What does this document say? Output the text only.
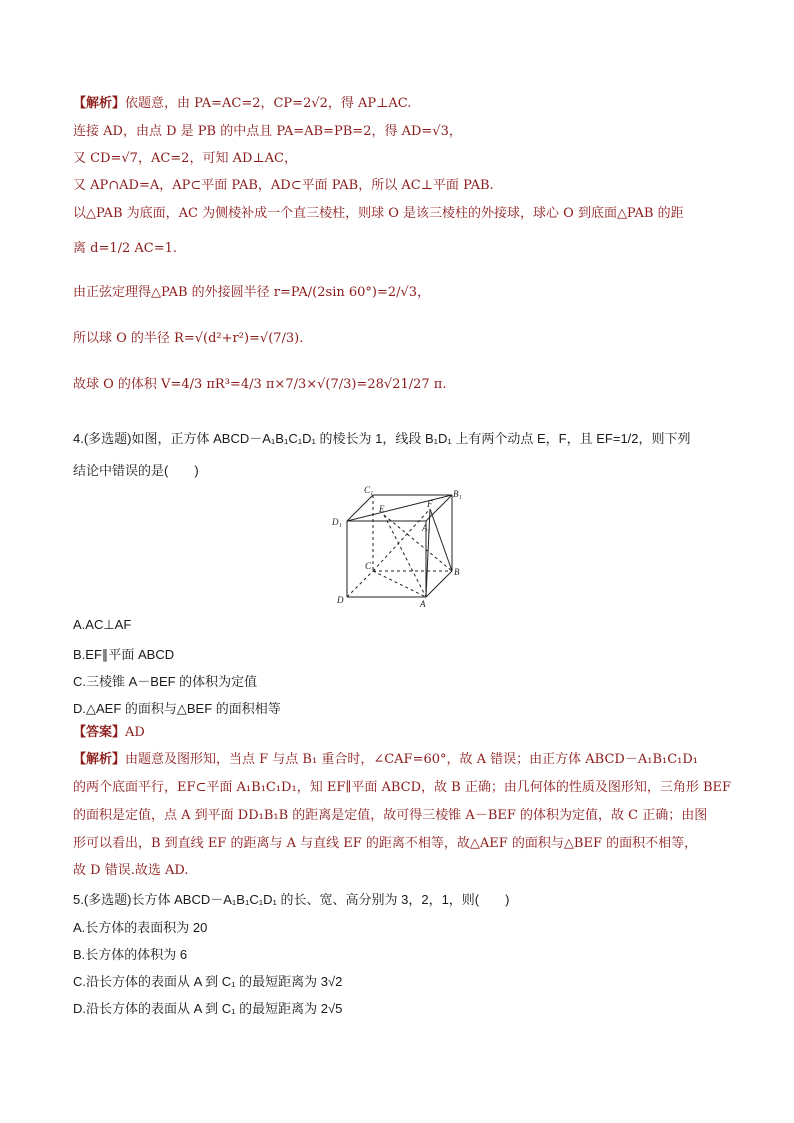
【解析】依题意，由 PA=AC=2，CP=2√2，得 AP⊥AC.
连接 AD，由点 D 是 PB 的中点且 PA=AB=PB=2，得 AD=√3，
又 CD=√7，AC=2，可知 AD⊥AC，
又 AP∩AD=A，AP⊂平面 PAB，AD⊂平面 PAB，所以 AC⊥平面 PAB.
以△PAB 为底面，AC 为侧棱补成一个直三棱柱，则球 O 是该三棱柱的外接球，球心 O 到底面△PAB 的距
离 d=1/2 AC=1.
由正弦定理得△PAB 的外接圆半径 r=PA/(2sin 60°)=2/√3，
所以球 O 的半径 R=√(d²+r²)=√(7/3).
故球 O 的体积 V=4/3 πR³=4/3 π×7/3×√(7/3)=28√21/27 π.
4.(多选题)如图，正方体 ABCD－A₁B₁C₁D₁ 的棱长为 1，线段 B₁D₁ 上有两个动点 E，F，且 EF=1/2，则下列
结论中错误的是(　　)
C₁	B₁
D₁
E	F
A₁
C
B
D	A
A.AC⊥AF
B.EF∥平面 ABCD
C.三棱锥 A－BEF 的体积为定值
D.△AEF 的面积与△BEF 的面积相等
【答案】AD
【解析】由题意及图形知，当点 F 与点 B₁ 重合时，∠CAF=60°，故 A 错误；由正方体 ABCD－A₁B₁C₁D₁
的两个底面平行，EF⊂平面 A₁B₁C₁D₁，知 EF∥平面 ABCD，故 B 正确；由几何体的性质及图形知，三角形 BEF
的面积是定值，点 A 到平面 DD₁B₁B 的距离是定值，故可得三棱锥 A－BEF 的体积为定值，故 C 正确；由图
形可以看出，B 到直线 EF 的距离与 A 与直线 EF 的距离不相等，故△AEF 的面积与△BEF 的面积不相等，
故 D 错误.故选 AD.
5.(多选题)长方体 ABCD－A₁B₁C₁D₁ 的长、宽、高分别为 3，2，1，则(　　)
A.长方体的表面积为 20
B.长方体的体积为 6
C.沿长方体的表面从 A 到 C₁ 的最短距离为 3√2
D.沿长方体的表面从 A 到 C₁ 的最短距离为 2√5
